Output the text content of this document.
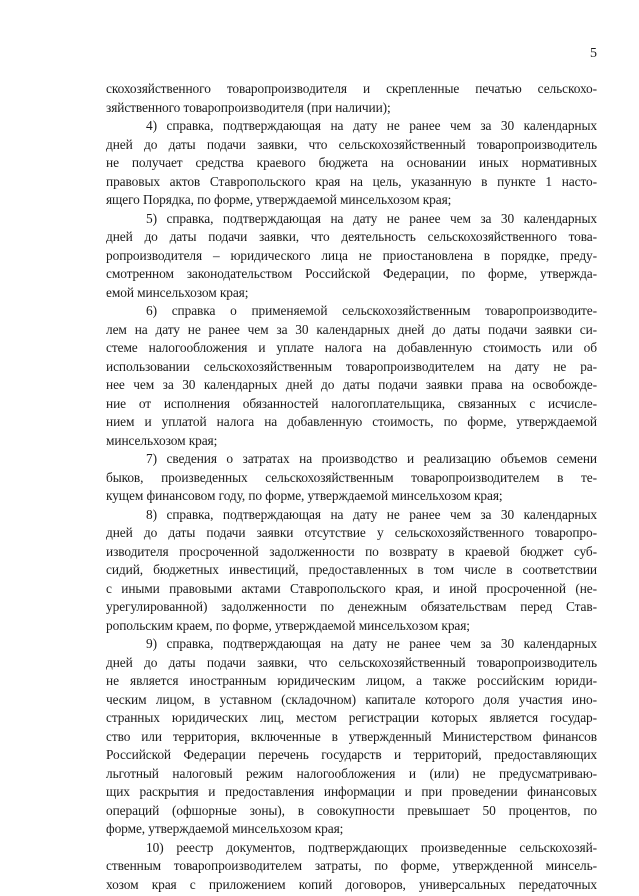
5
скохозяйственного товаропроизводителя и скрепленные печатью сельскохо-
зяйственного товаропроизводителя (при наличии);
4) справка, подтверждающая на дату не ранее чем за 30 календарных
дней до даты подачи заявки, что сельскохозяйственный товаропроизводитель
не получает средства краевого бюджета на основании иных нормативных
правовых актов Ставропольского края на цель, указанную в пункте 1 насто-
ящего Порядка, по форме, утверждаемой минсельхозом края;
5) справка, подтверждающая на дату не ранее чем за 30 календарных
дней до даты подачи заявки, что деятельность сельскохозяйственного това-
ропроизводителя – юридического лица не приостановлена в порядке, преду-
смотренном законодательством Российской Федерации, по форме, утвержда-
емой минсельхозом края;
6) справка о применяемой сельскохозяйственным товаропроизводите-
лем на дату не ранее чем за 30 календарных дней до даты подачи заявки си-
стеме налогообложения и уплате налога на добавленную стоимость или об
использовании сельскохозяйственным товаропроизводителем на дату не ра-
нее чем за 30 календарных дней до даты подачи заявки права на освобожде-
ние от исполнения обязанностей налогоплательщика, связанных с исчисле-
нием и уплатой налога на добавленную стоимость, по форме, утверждаемой
минсельхозом края;
7) сведения о затратах на производство и реализацию объемов семени
быков, произведенных сельскохозяйственным товаропроизводителем в те-
кущем финансовом году, по форме, утверждаемой минсельхозом края;
8) справка, подтверждающая на дату не ранее чем за 30 календарных
дней до даты подачи заявки отсутствие у сельскохозяйственного товаропро-
изводителя просроченной задолженности по возврату в краевой бюджет суб-
сидий, бюджетных инвестиций, предоставленных в том числе в соответствии
с иными правовыми актами Ставропольского края, и иной просроченной (не-
урегулированной) задолженности по денежным обязательствам перед Став-
ропольским краем, по форме, утверждаемой минсельхозом края;
9) справка, подтверждающая на дату не ранее чем за 30 календарных
дней до даты подачи заявки, что сельскохозяйственный товаропроизводитель
не является иностранным юридическим лицом, а также российским юриди-
ческим лицом, в уставном (складочном) капитале которого доля участия ино-
странных юридических лиц, местом регистрации которых является государ-
ство или территория, включенные в утвержденный Министерством финансов
Российской Федерации перечень государств и территорий, предоставляющих
льготный налоговый режим налогообложения и (или) не предусматриваю-
щих раскрытия и предоставления информации и при проведении финансовых
операций (офшорные зоны), в совокупности превышает 50 процентов, по
форме, утверждаемой минсельхозом края;
10) реестр документов, подтверждающих произведенные сельскохозяй-
ственным товаропроизводителем затраты, по форме, утвержденной минсель-
хозом края с приложением копий договоров, универсальных передаточных
